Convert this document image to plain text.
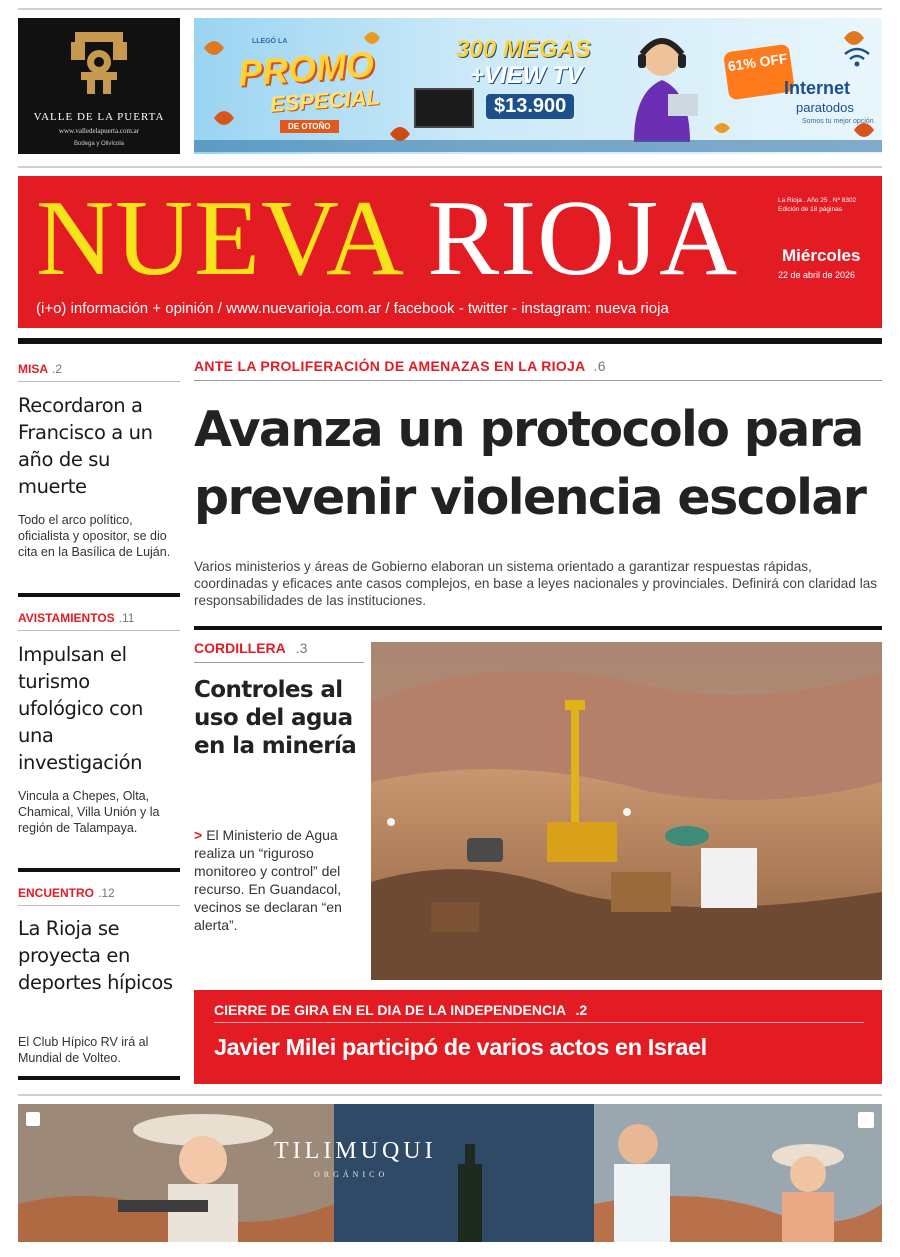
VALLE DE LA PUERTA
www.valledelapuerta.com.ar
Bodega y Olivícola
LLEGÓ LA
PROMO
ESPECIAL
DE OTOÑO
300 MEGAS
+VIEW TV
$13.900
61% OFF
Internet
paratodos
Somos tu mejor opción
NUEVA RIOJA	La Rioja . Año 25 . Nº 8302
Edición de 18 páginas
Miércoles
22 de abril de 2026
(i+o) información + opinión / www.nuevarioja.com.ar / facebook - twitter - instagram: nueva rioja
MISA .2
Recordaron a Francisco a un año de su muerte
Todo el arco político, oficialista y opositor, se dio cita en la Basílica de Luján.
AVISTAMIENTOS .11
Impulsan el turismo ufológico con una investigación
Vincula a Chepes, Olta, Chamical, Villa Unión y la región de Talampaya.
ENCUENTRO .12
La Rioja se proyecta en deportes hípicos
El Club Hípico RV irá al Mundial de Volteo.
ANTE LA PROLIFERACIÓN DE AMENAZAS EN LA RIOJA .6
Avanza un protocolo para prevenir violencia escolar
Varios ministerios y áreas de Gobierno elaboran un sistema orientado a garantizar respuestas rápidas, coordinadas y eficaces ante casos complejos, en base a leyes nacionales y provinciales. Definirá con claridad las responsabilidades de las instituciones.
CORDILLERA .3
Controles al uso del agua en la minería
> El Ministerio de Agua realiza un “riguroso monitoreo y control” del recurso. En Guandacol, vecinos se declaran “en alerta”.
CIERRE DE GIRA EN EL DIA DE LA INDEPENDENCIA .2
Javier Milei participó de varios actos en Israel
TILIMUQUI
ORGÁNICO
